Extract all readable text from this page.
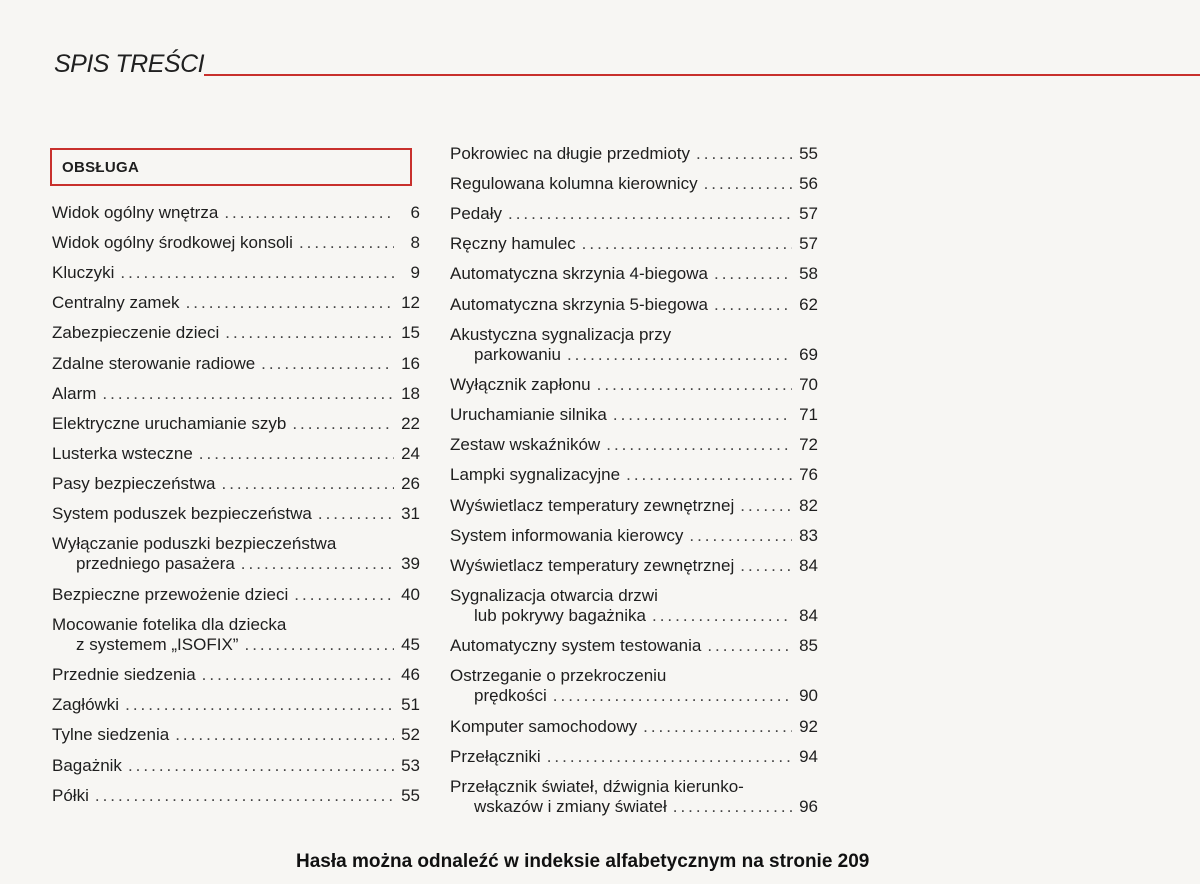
SPIS TREŚCI
OBSŁUGA
Widok ogólny wnętrza .....	6
Widok ogólny środkowej konsoli .....	8
Kluczyki .....	9
Centralny zamek .....	12
Zabezpieczenie dzieci .....	15
Zdalne sterowanie radiowe .....	16
Alarm .....	18
Elektryczne uruchamianie szyb .....	22
Lusterka wsteczne .....	24
Pasy bezpieczeństwa .....	26
System poduszek bezpieczeństwa .....	31
Wyłączanie poduszki bezpieczeństwa
przedniego pasażera .....	39
Bezpieczne przewożenie dzieci .....	40
Mocowanie fotelika dla dziecka
z systemem „ISOFIX” .....	45
Przednie siedzenia .....	46
Zagłówki .....	51
Tylne siedzenia .....	52
Bagażnik .....	53
Półki .....	55
Pokrowiec na długie przedmioty .....	55
Regulowana kolumna kierownicy .....	56
Pedały .....	57
Ręczny hamulec .....	57
Automatyczna skrzynia 4-biegowa .....	58
Automatyczna skrzynia 5-biegowa .....	62
Akustyczna sygnalizacja przy
parkowaniu .....	69
Wyłącznik zapłonu .....	70
Uruchamianie silnika .....	71
Zestaw wskaźników .....	72
Lampki sygnalizacyjne .....	76
Wyświetlacz temperatury zewnętrznej .....	82
System informowania kierowcy .....	83
Wyświetlacz temperatury zewnętrznej .....	84
Sygnalizacja otwarcia drzwi
lub pokrywy bagażnika .....	84
Automatyczny system testowania .....	85
Ostrzeganie o przekroczeniu
prędkości .....	90
Komputer samochodowy .....	92
Przełączniki .....	94
Przełącznik świateł, dźwignia kierunko-
wskazów i zmiany świateł .....	96
Hasła można odnaleźć w indeksie alfabetycznym na stronie 209
